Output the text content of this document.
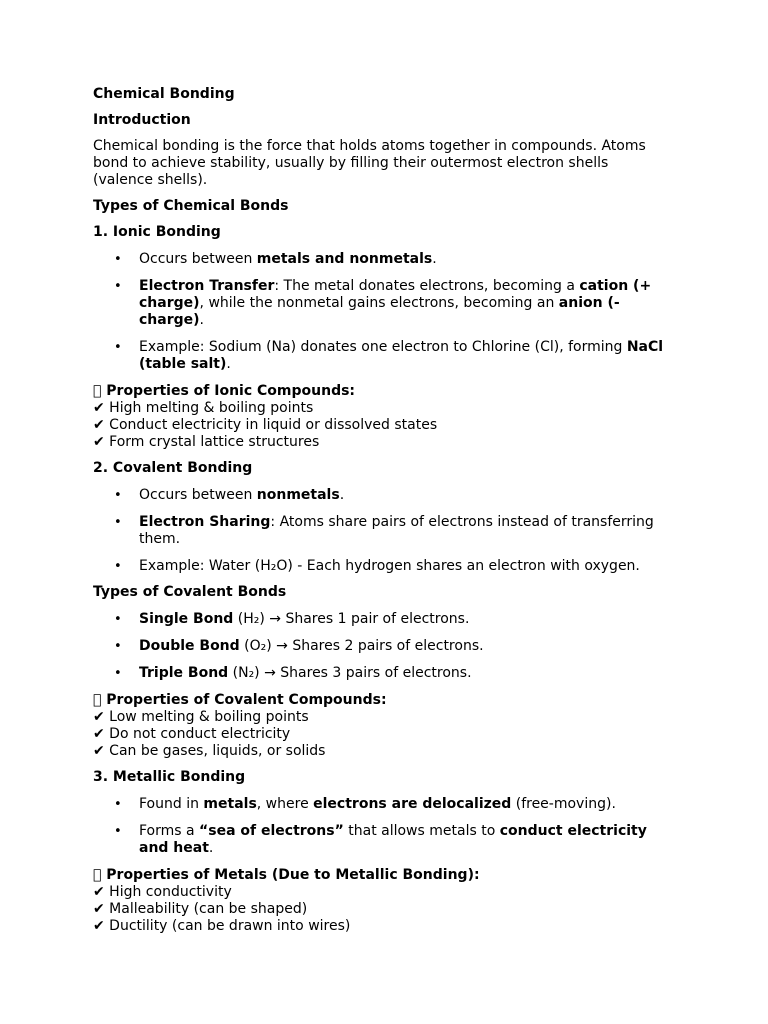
Chemical Bonding

Introduction

Chemical bonding is the force that holds atoms together in compounds. Atoms bond to achieve stability, usually by filling their outermost electron shells (valence shells).

Types of Chemical Bonds

1. Ionic Bonding

• Occurs between metals and nonmetals.
• Electron Transfer: The metal donates electrons, becoming a cation (+ charge), while the nonmetal gains electrons, becoming an anion (- charge).
• Example: Sodium (Na) donates one electron to Chlorine (Cl), forming NaCl (table salt).

􏰀 Properties of Ionic Compounds:

✔ High melting & boiling points

✔ Conduct electricity in liquid or dissolved states

✔ Form crystal lattice structures

2. Covalent Bonding

• Occurs between nonmetals.
• Electron Sharing: Atoms share pairs of electrons instead of transferring them.
• Example: Water (H₂O) - Each hydrogen shares an electron with oxygen.

Types of Covalent Bonds

• Single Bond (H₂) → Shares 1 pair of electrons.
• Double Bond (O₂) → Shares 2 pairs of electrons.
• Triple Bond (N₂) → Shares 3 pairs of electrons.

􏰀 Properties of Covalent Compounds:

✔ Low melting & boiling points

✔ Do not conduct electricity

✔ Can be gases, liquids, or solids

3. Metallic Bonding

• Found in metals, where electrons are delocalized (free-moving).
• Forms a “sea of electrons” that allows metals to conduct electricity and heat.

􏰀 Properties of Metals (Due to Metallic Bonding):

✔ High conductivity

✔ Malleability (can be shaped)

✔ Ductility (can be drawn into wires)
